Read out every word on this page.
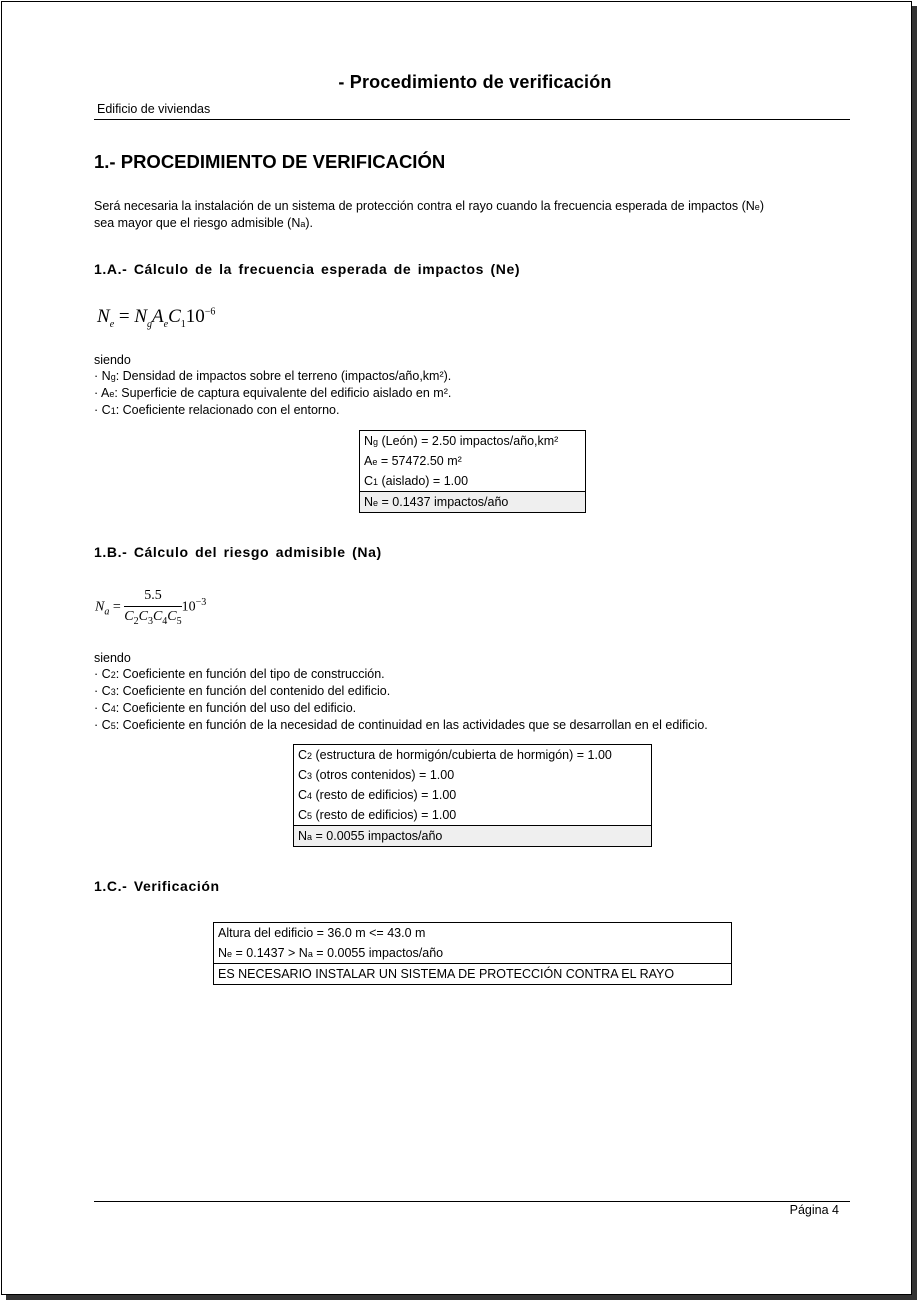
- Procedimiento de verificación
Edificio de viviendas
1.- PROCEDIMIENTO DE VERIFICACIÓN
Será necesaria la instalación de un sistema de protección contra el rayo cuando la frecuencia esperada de impactos (Ne)
sea mayor que el riesgo admisible (Na).
1.A.- Cálculo de la frecuencia esperada de impactos (Ne)
$N_e = N_gA_eC_110^{-6}$
siendo
· Ng: Densidad de impactos sobre el terreno (impactos/año,km²).
· Ae: Superficie de captura equivalente del edificio aislado en m².
· C1: Coeficiente relacionado con el entorno.
Ng (León) = 2.50 impactos/año,km²
Ae = 57472.50 m²
C1 (aislado) = 1.00
Ne = 0.1437 impactos/año
1.B.- Cálculo del riesgo admisible (Na)
$N_a = \frac{5.5}{C_2C_3C_4C_5} 10^{-3}$
siendo
· C2: Coeficiente en función del tipo de construcción.
· C3: Coeficiente en función del contenido del edificio.
· C4: Coeficiente en función del uso del edificio.
· C5: Coeficiente en función de la necesidad de continuidad en las actividades que se desarrollan en el edificio.
C2 (estructura de hormigón/cubierta de hormigón) = 1.00
C3 (otros contenidos) = 1.00
C4 (resto de edificios) = 1.00
C5 (resto de edificios) = 1.00
Na = 0.0055 impactos/año
1.C.- Verificación
Altura del edificio = 36.0 m <= 43.0 m
Ne = 0.1437 > Na = 0.0055 impactos/año
ES NECESARIO INSTALAR UN SISTEMA DE PROTECCIÓN CONTRA EL RAYO
Página 4
